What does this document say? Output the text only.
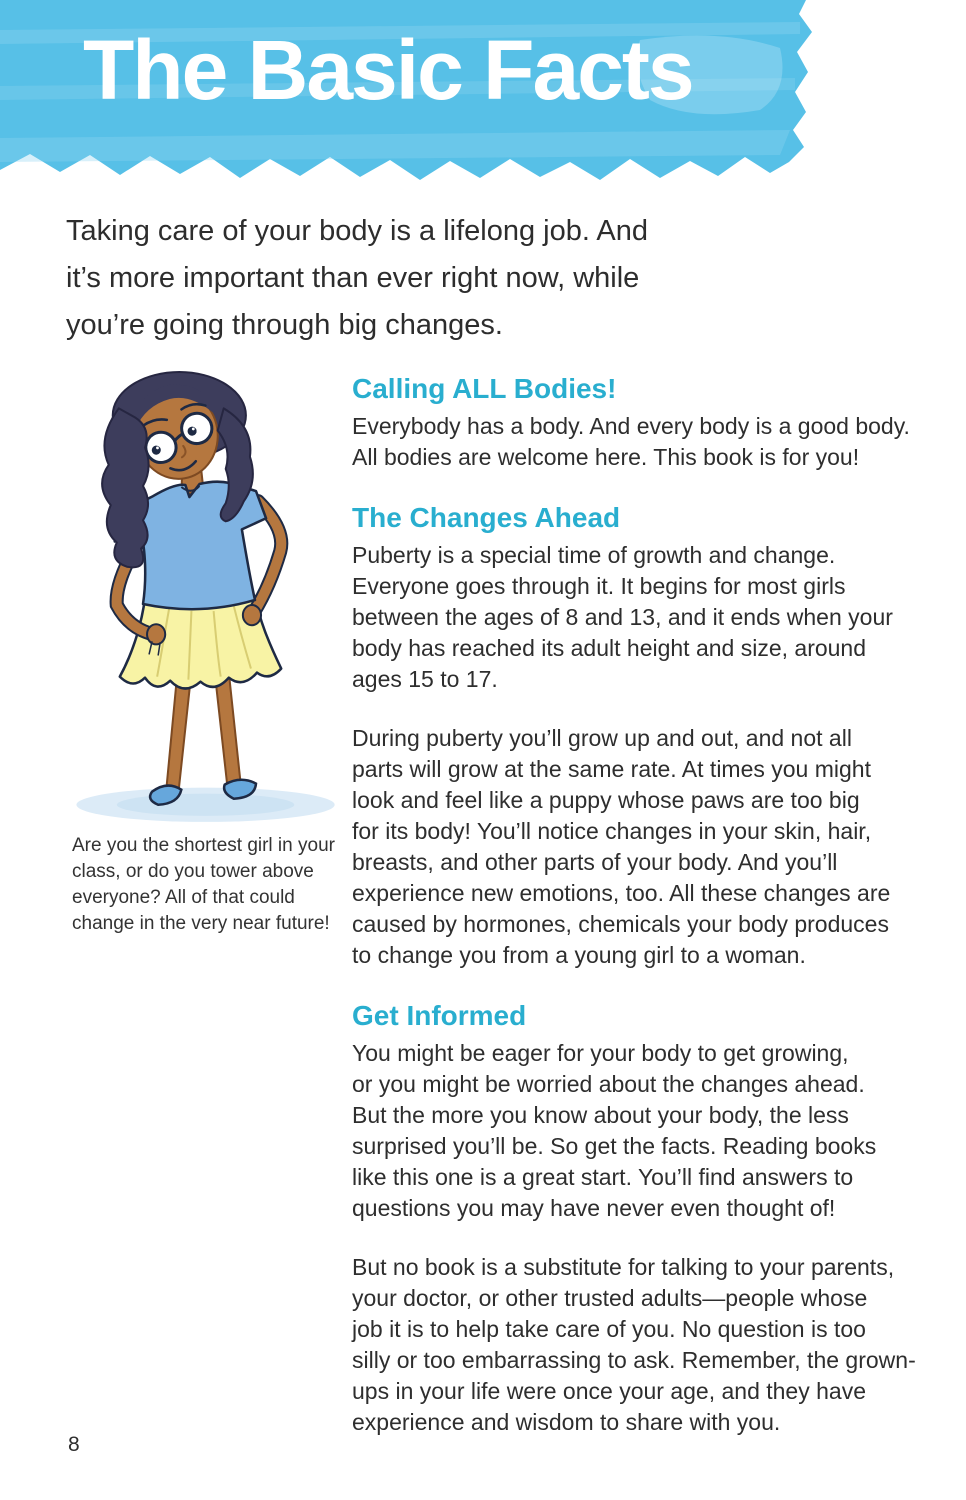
The Basic Facts
Taking care of your body is a lifelong job. And
it’s more important than ever right now, while
you’re going through big changes.
Are you the shortest girl in your
class, or do you tower above
everyone? All of that could
change in the very near future!
Calling ALL Bodies!
Everybody has a body. And every body is a good body.
All bodies are welcome here. This book is for you!
The Changes Ahead
Puberty is a special time of growth and change.
Everyone goes through it. It begins for most girls
between the ages of 8 and 13, and it ends when your
body has reached its adult height and size, around
ages 15 to 17.
During puberty you’ll grow up and out, and not all
parts will grow at the same rate. At times you might
look and feel like a puppy whose paws are too big
for its body! You’ll notice changes in your skin, hair,
breasts, and other parts of your body. And you’ll
experience new emotions, too. All these changes are
caused by hormones, chemicals your body produces
to change you from a young girl to a woman.
Get Informed
You might be eager for your body to get growing,
or you might be worried about the changes ahead.
But the more you know about your body, the less
surprised you’ll be. So get the facts. Reading books
like this one is a great start. You’ll find answers to
questions you may have never even thought of!
But no book is a substitute for talking to your parents,
your doctor, or other trusted adults—people whose
job it is to help take care of you. No question is too
silly or too embarrassing to ask. Remember, the grown-
ups in your life were once your age, and they have
experience and wisdom to share with you.
8
